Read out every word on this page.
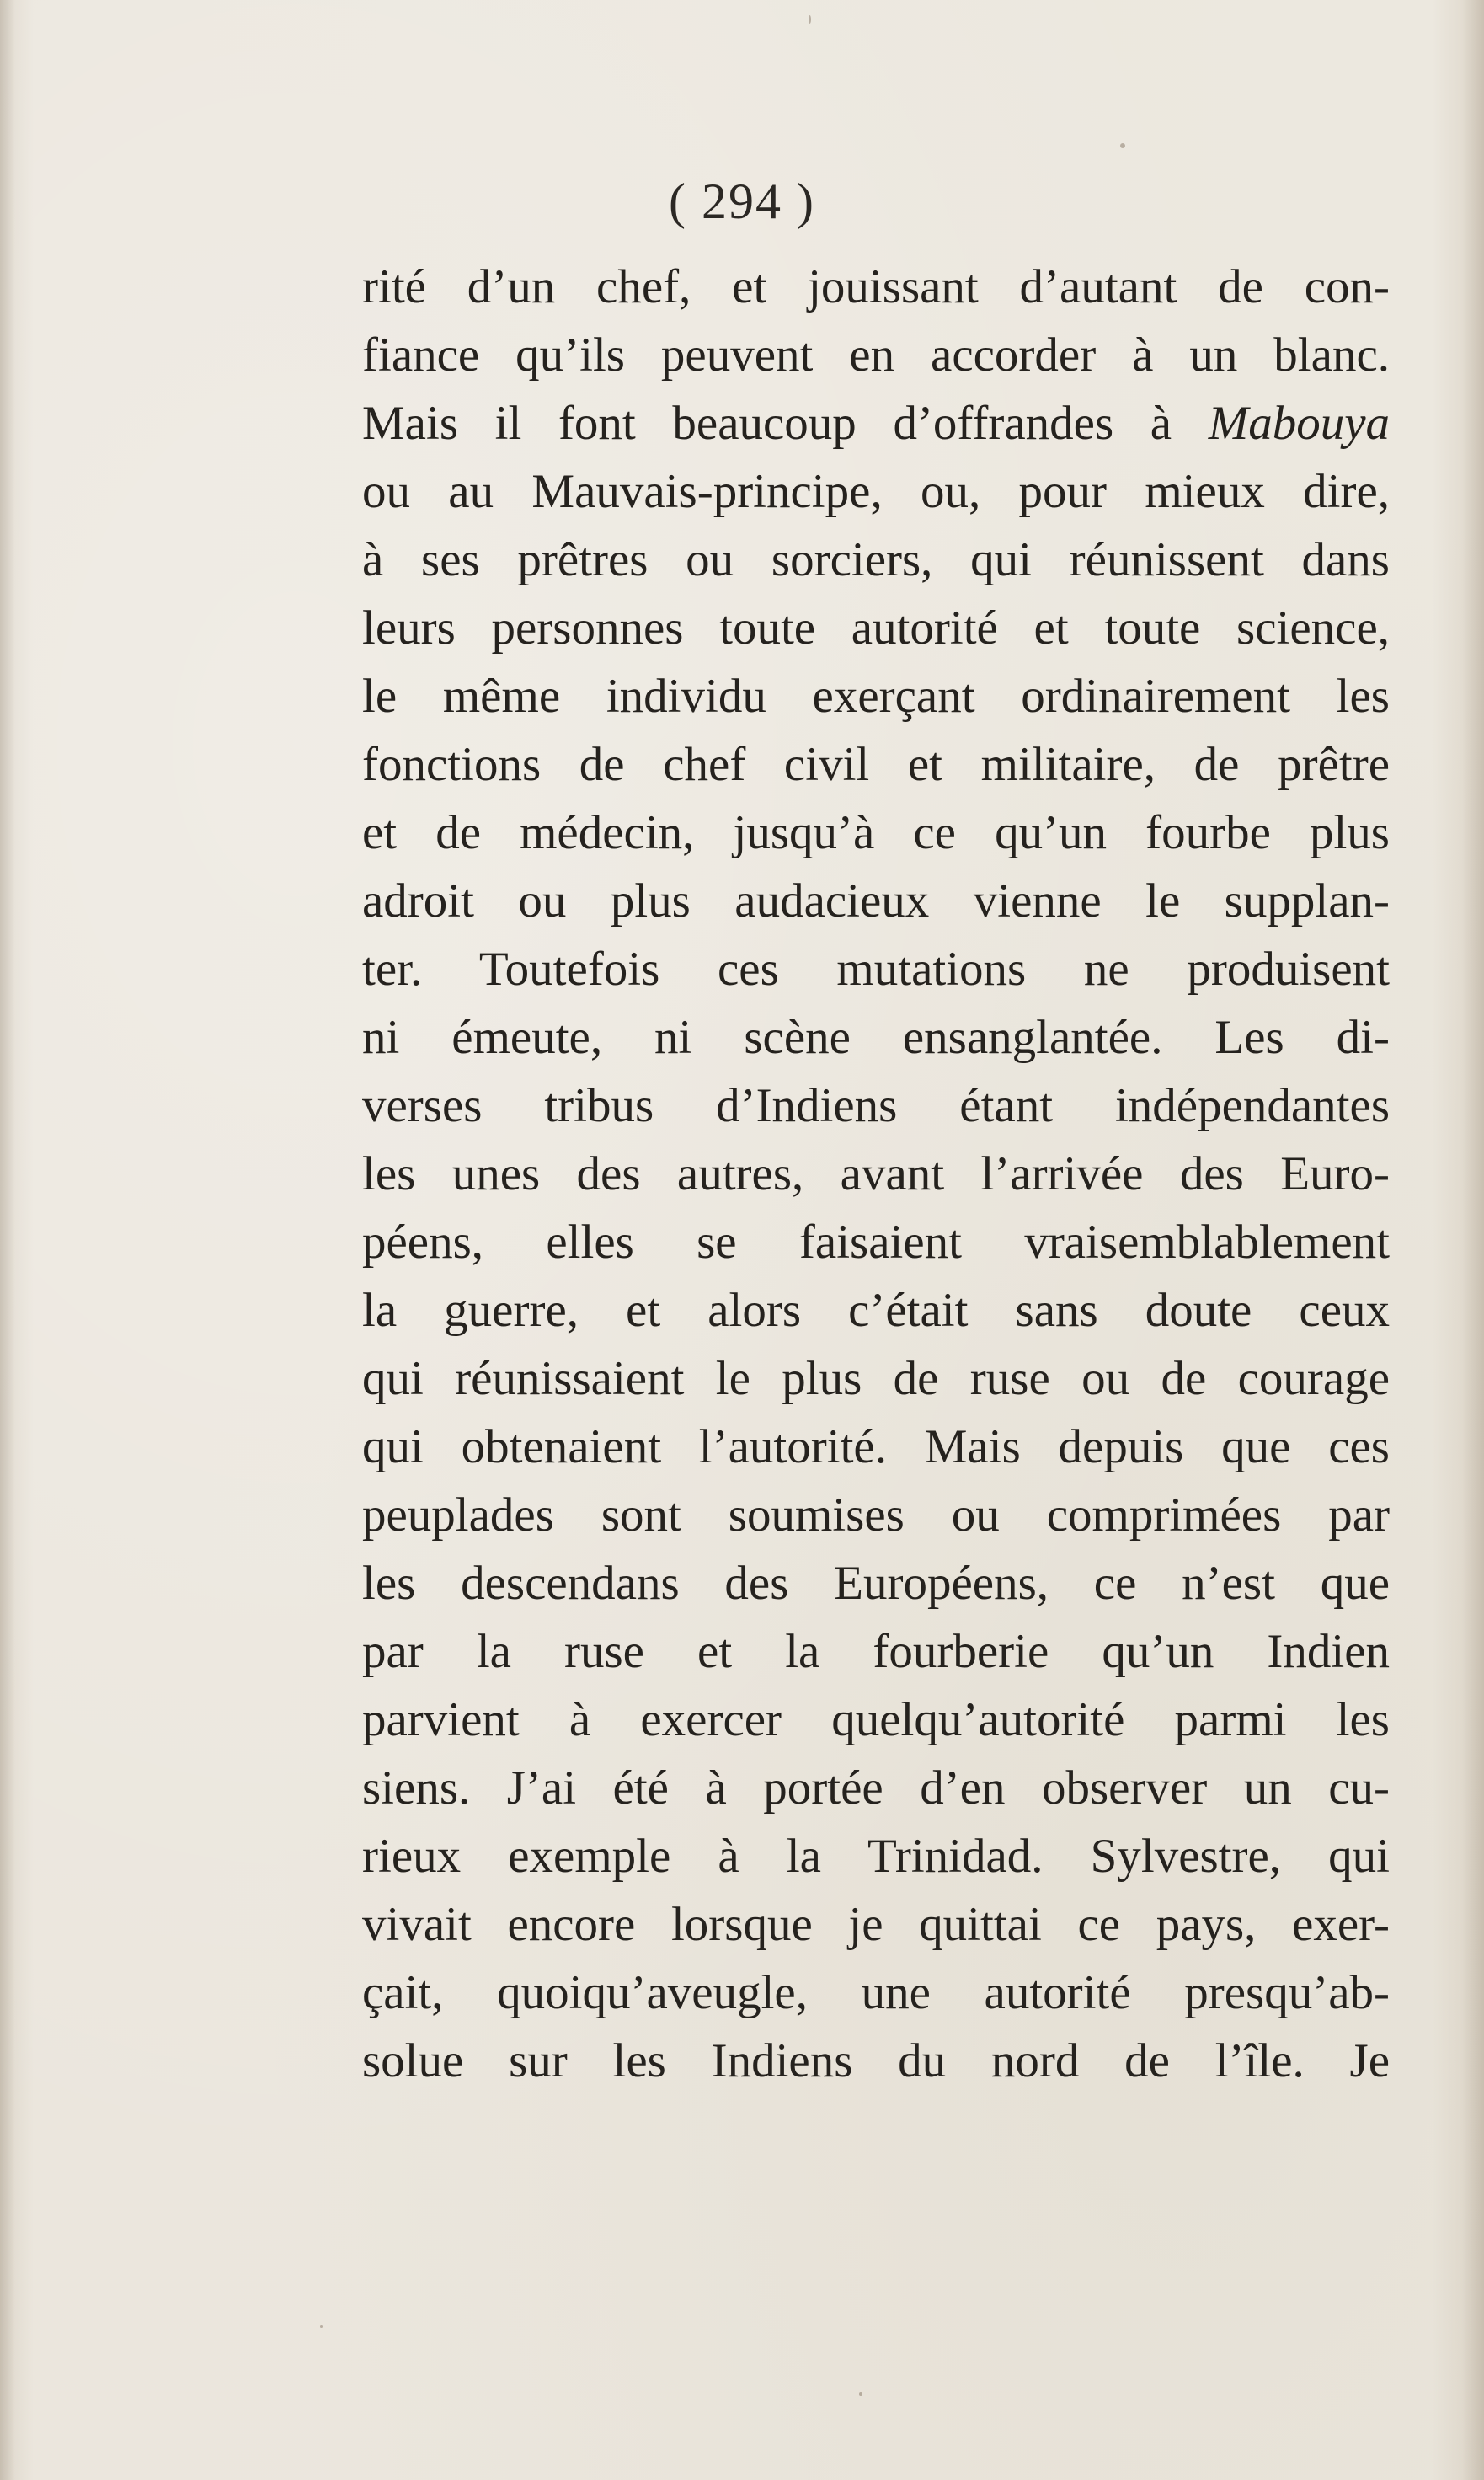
( 294 )
rité d’un chef, et jouissant d’autant de con-
fiance qu’ils peuvent en accorder à un blanc.
Mais il font beaucoup d’offrandes à Mabouya
ou au Mauvais-principe, ou, pour mieux dire,
à ses prêtres ou sorciers, qui réunissent dans
leurs personnes toute autorité et toute science,
le même individu exerçant ordinairement les
fonctions de chef civil et militaire, de prêtre
et de médecin, jusqu’à ce qu’un fourbe plus
adroit ou plus audacieux vienne le supplan-
ter. Toutefois ces mutations ne produisent
ni émeute, ni scène ensanglantée. Les di-
verses tribus d’Indiens étant indépendantes
les unes des autres, avant l’arrivée des Euro-
péens, elles se faisaient vraisemblablement
la guerre, et alors c’était sans doute ceux
qui réunissaient le plus de ruse ou de courage
qui obtenaient l’autorité. Mais depuis que ces
peuplades sont soumises ou comprimées par
les descendans des Européens, ce n’est que
par la ruse et la fourberie qu’un Indien
parvient à exercer quelqu’autorité parmi les
siens. J’ai été à portée d’en observer un cu-
rieux exemple à la Trinidad. Sylvestre, qui
vivait encore lorsque je quittai ce pays, exer-
çait, quoiqu’aveugle, une autorité presqu’ab-
solue sur les Indiens du nord de l’île. Je
